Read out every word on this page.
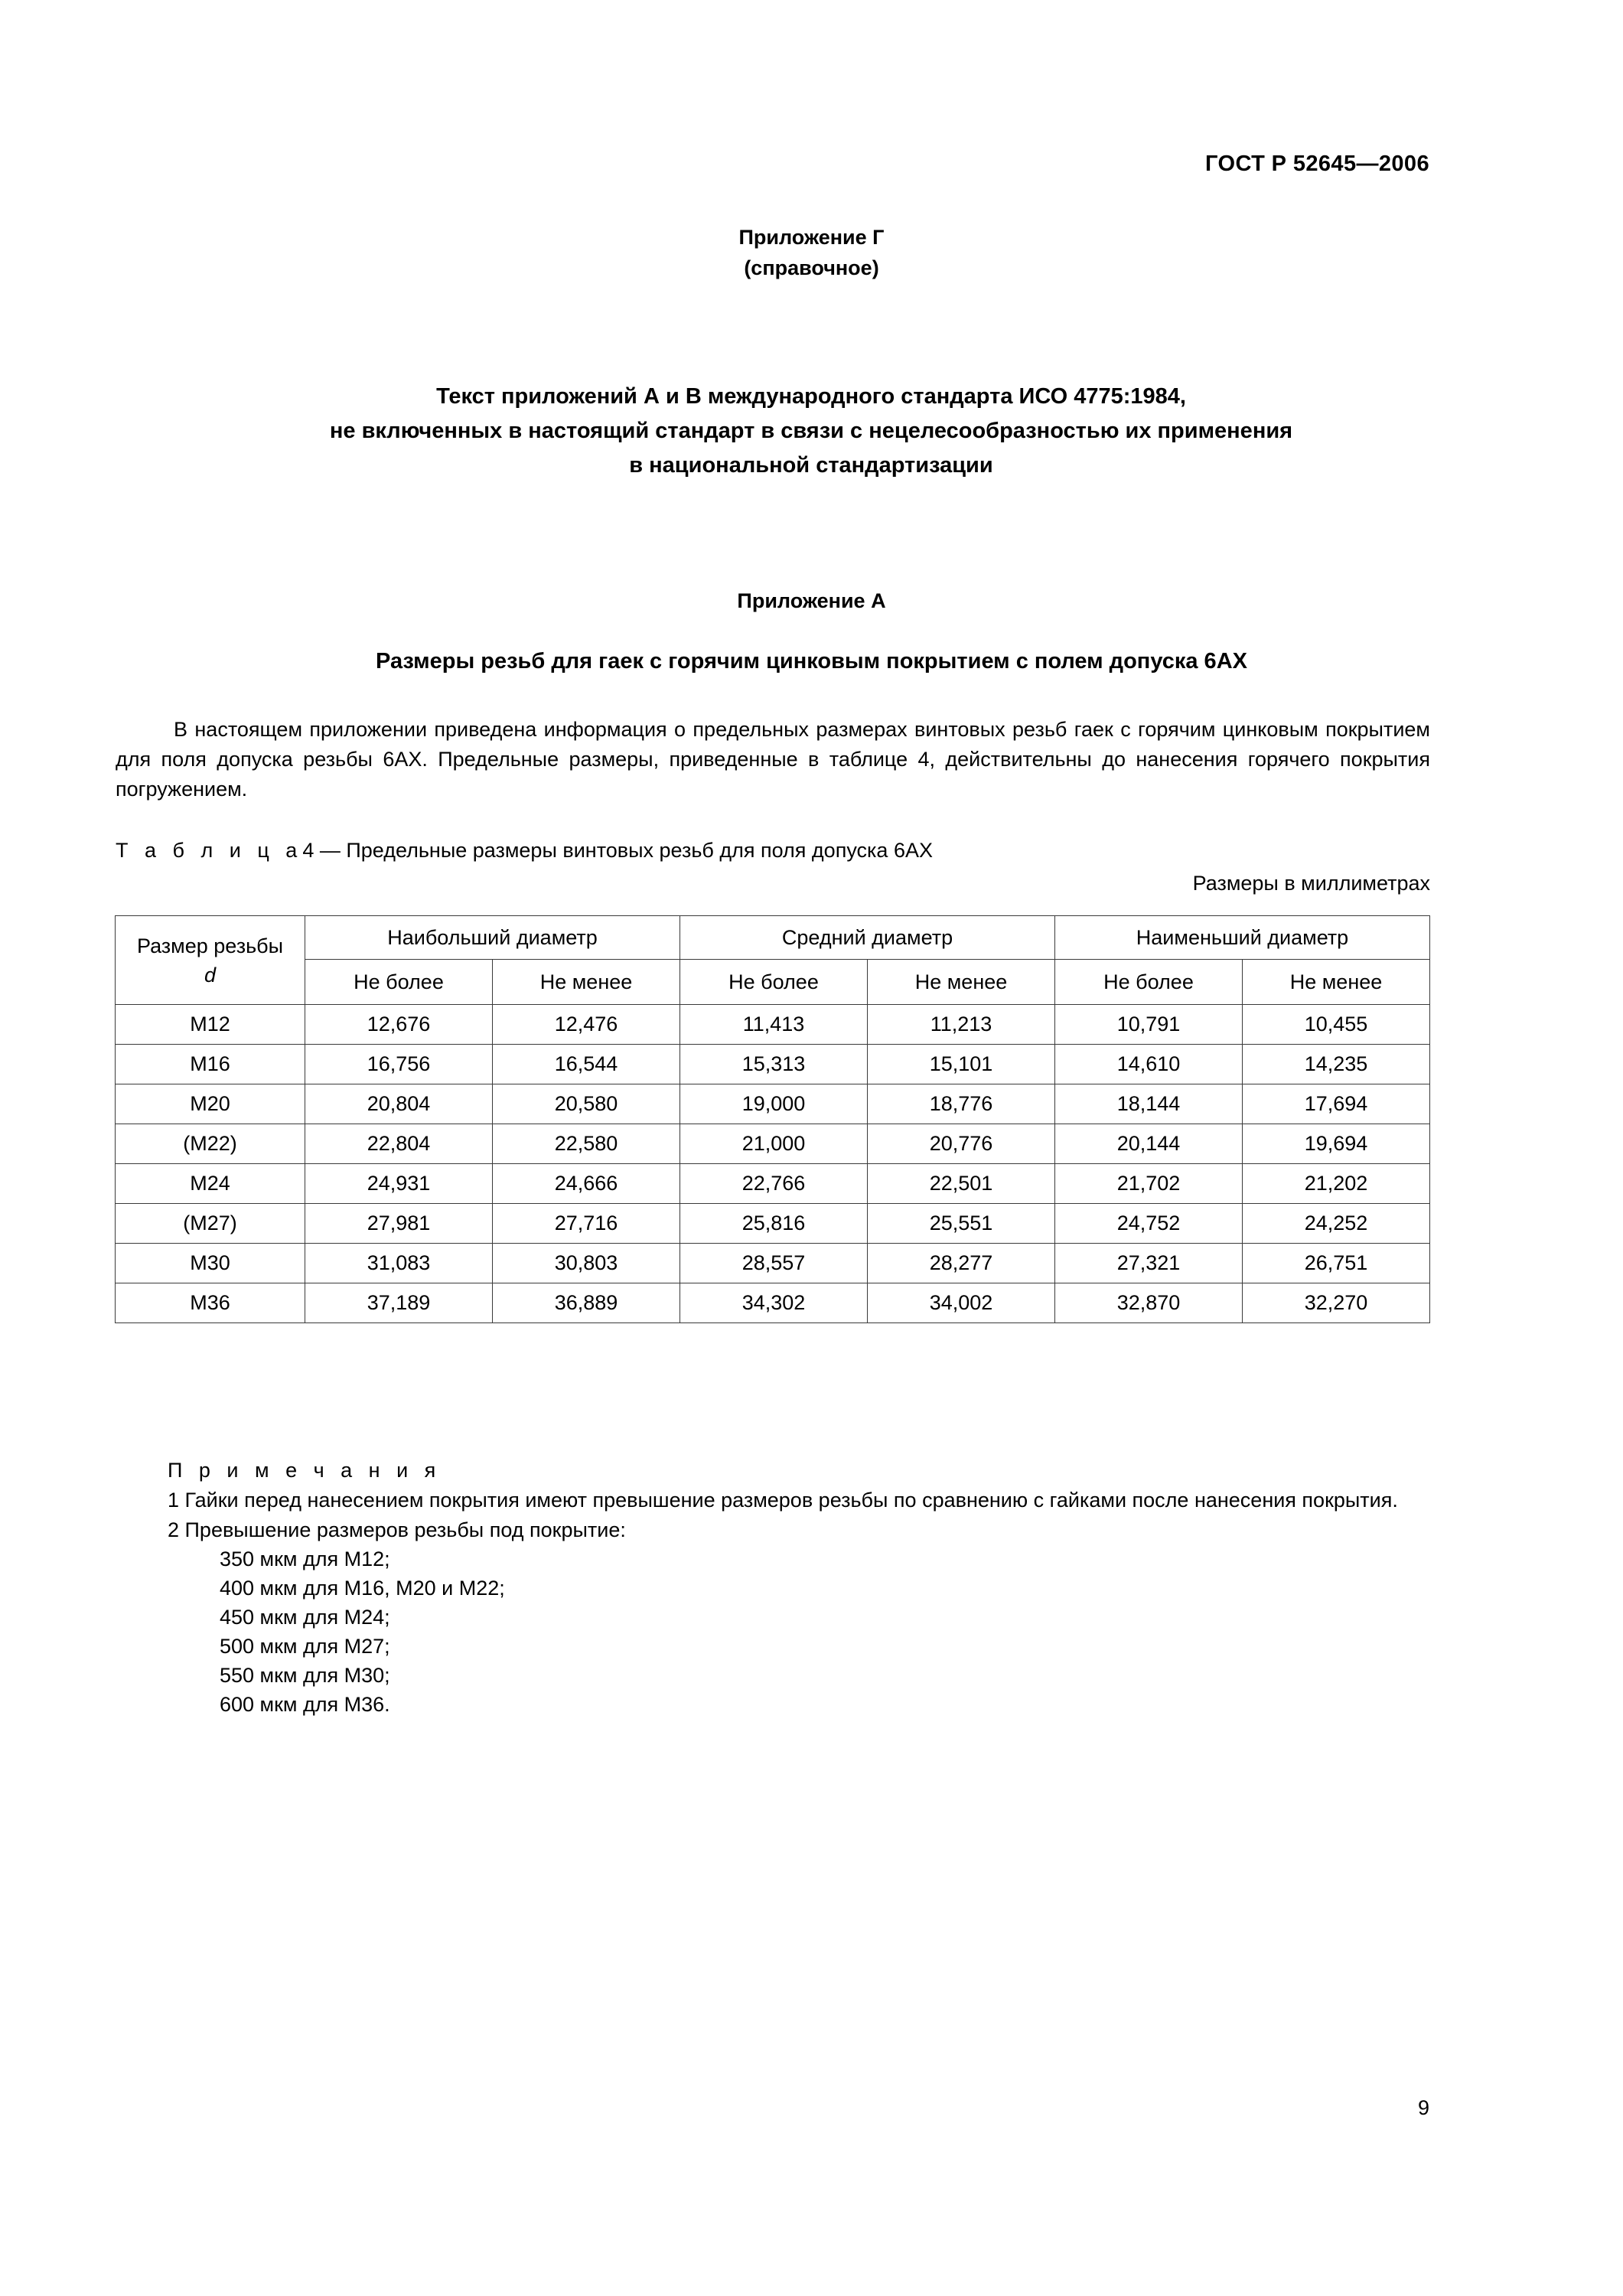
ГОСТ Р 52645—2006
Приложение Г
(справочное)
Текст приложений А и В международного стандарта ИСО 4775:1984,
не включенных в настоящий стандарт в связи с нецелесообразностью их применения
в национальной стандартизации
Приложение А
Размеры резьб для гаек с горячим цинковым покрытием с полем допуска 6АХ
В настоящем приложении приведена информация о предельных размерах винтовых резьб гаек с горячим цинковым покрытием для поля допуска резьбы 6АХ. Предельные размеры, приведенные в таблице 4, действительны до нанесения горячего покрытия погружением.
Т а б л и ц а4 — Предельные размеры винтовых резьб для поля допуска 6АХ
Размеры в миллиметрах
Размер резьбы
d	Наибольший диаметр		Средний диаметр		Наименьший диаметр	
	Не более	Не менее	Не более	Не менее	Не более	Не менее
М12	12,676	12,476	11,413	11,213	10,791	10,455
М16	16,756	16,544	15,313	15,101	14,610	14,235
М20	20,804	20,580	19,000	18,776	18,144	17,694
(М22)	22,804	22,580	21,000	20,776	20,144	19,694
М24	24,931	24,666	22,766	22,501	21,702	21,202
(М27)	27,981	27,716	25,816	25,551	24,752	24,252
М30	31,083	30,803	28,557	28,277	27,321	26,751
М36	37,189	36,889	34,302	34,002	32,870	32,270
П р и м е ч а н и я
1 Гайки перед нанесением покрытия имеют превышение размеров резьбы по сравнению с гайками после нанесения покрытия.
2 Превышение размеров резьбы под покрытие:
350 мкм для М12;
400 мкм для М16, М20 и М22;
450 мкм для М24;
500 мкм для М27;
550 мкм для М30;
600 мкм для М36.
9
